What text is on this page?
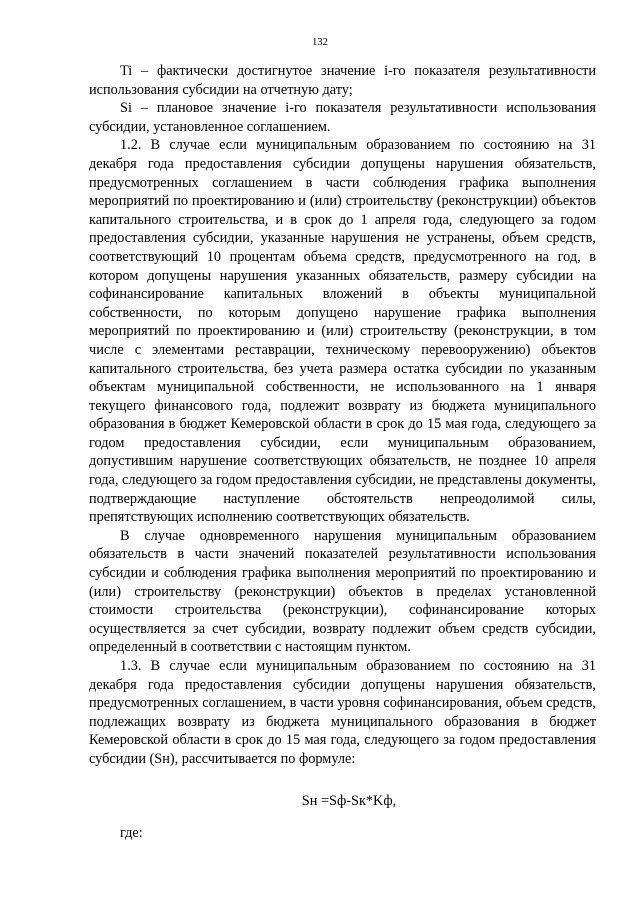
132

Ti – фактически достигнутое значение i-го показателя результативности использования субсидии на отчетную дату;

Si – плановое значение i-го показателя результативности использования субсидии, установленное соглашением.

1.2. В случае если муниципальным образованием по состоянию на 31 декабря года предоставления субсидии допущены нарушения обязательств, предусмотренных соглашением в части соблюдения графика выполнения мероприятий по проектированию и (или) строительству (реконструкции) объектов капитального строительства, и в срок до 1 апреля года, следующего за годом предоставления субсидии, указанные нарушения не устранены, объем средств, соответствующий 10 процентам объема средств, предусмотренного на год, в котором допущены нарушения указанных обязательств, размеру субсидии на софинансирование капитальных вложений в объекты муниципальной собственности, по которым допущено нарушение графика выполнения мероприятий по проектированию и (или) строительству (реконструкции, в том числе с элементами реставрации, техническому перевооружению) объектов капитального строительства, без учета размера остатка субсидии по указанным объектам муниципальной собственности, не использованного на 1 января текущего финансового года, подлежит возврату из бюджета муниципального образования в бюджет Кемеровской области в срок до 15 мая года, следующего за годом предоставления субсидии, если муниципальным образованием, допустившим нарушение соответствующих обязательств, не позднее 10 апреля года, следующего за годом предоставления субсидии, не представлены документы, подтверждающие наступление обстоятельств непреодолимой силы, препятствующих исполнению соответствующих обязательств.

В случае одновременного нарушения муниципальным образованием обязательств в части значений показателей результативности использования субсидии и соблюдения графика выполнения мероприятий по проектированию и (или) строительству (реконструкции) объектов в пределах установленной стоимости строительства (реконструкции), софинансирование которых осуществляется за счет субсидии, возврату подлежит объем средств субсидии, определенный в соответствии с настоящим пунктом.

1.3. В случае если муниципальным образованием по состоянию на 31 декабря года предоставления субсидии допущены нарушения обязательств, предусмотренных соглашением, в части уровня софинансирования, объем средств, подлежащих возврату из бюджета муниципального образования в бюджет Кемеровской области в срок до 15 мая года, следующего за годом предоставления субсидии (Sн), рассчитывается по формуле:

Sн =Sф-Sк*Kф,
где:
